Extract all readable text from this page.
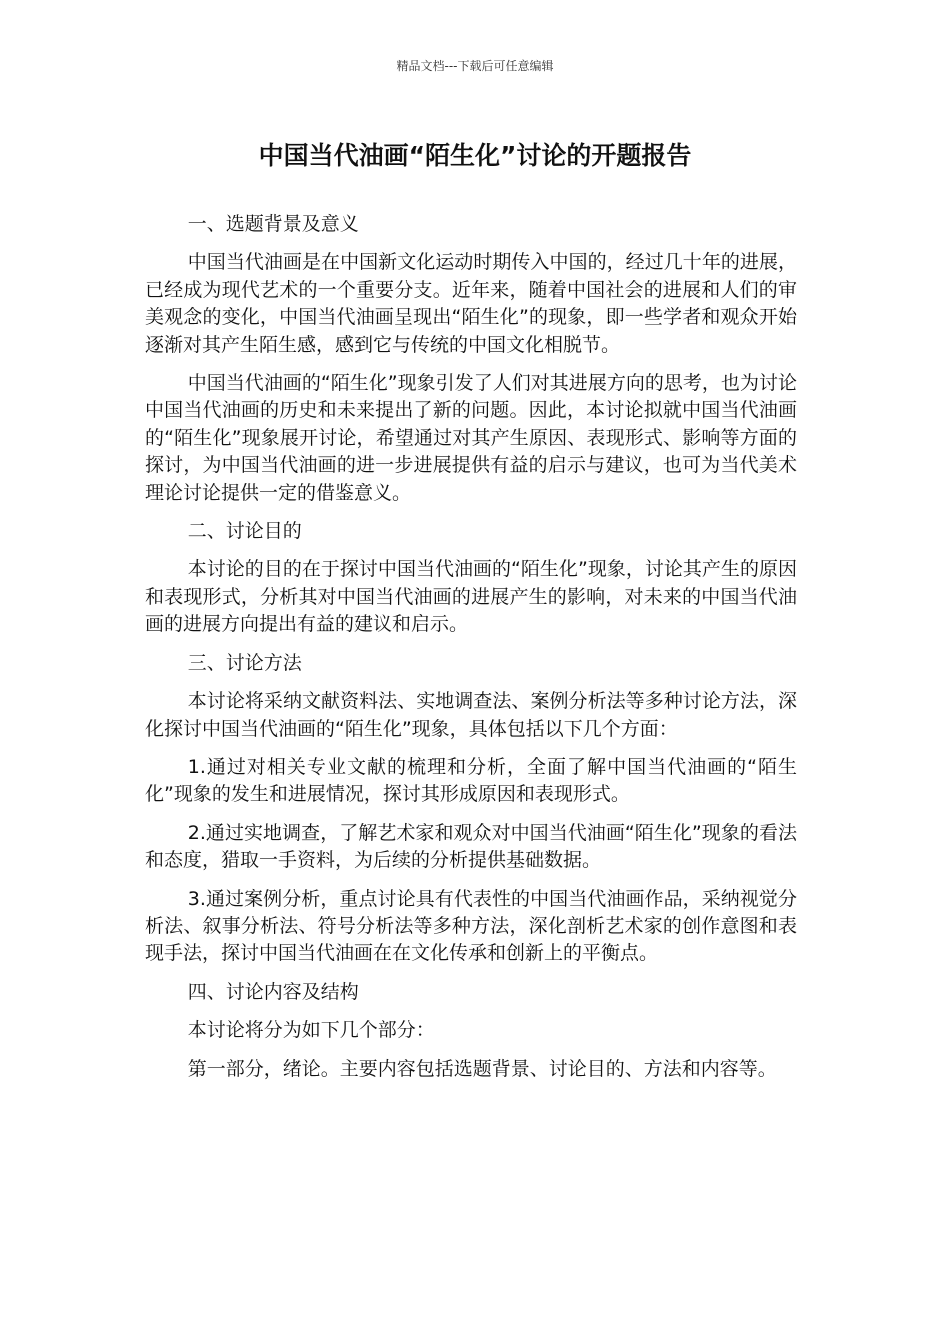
精品文档---下载后可任意编辑
中国当代油画“陌生化”讨论的开题报告

一、选题背景及意义

中国当代油画是在中国新文化运动时期传入中国的，经过几十年的进展，已经成为现代艺术的一个重要分支。近年来，随着中国社会的进展和人们的审美观念的变化，中国当代油画呈现出“陌生化”的现象，即一些学者和观众开始逐渐对其产生陌生感，感到它与传统的中国文化相脱节。

中国当代油画的“陌生化”现象引发了人们对其进展方向的思考，也为讨论中国当代油画的历史和未来提出了新的问题。因此，本讨论拟就中国当代油画的“陌生化”现象展开讨论，希望通过对其产生原因、表现形式、影响等方面的探讨，为中国当代油画的进一步进展提供有益的启示与建议，也可为当代美术理论讨论提供一定的借鉴意义。

二、讨论目的

本讨论的目的在于探讨中国当代油画的“陌生化”现象，讨论其产生的原因和表现形式，分析其对中国当代油画的进展产生的影响，对未来的中国当代油画的进展方向提出有益的建议和启示。

三、讨论方法

本讨论将采纳文献资料法、实地调查法、案例分析法等多种讨论方法，深化探讨中国当代油画的“陌生化”现象，具体包括以下几个方面：

1.通过对相关专业文献的梳理和分析，全面了解中国当代油画的“陌生化”现象的发生和进展情况，探讨其形成原因和表现形式。

2.通过实地调查，了解艺术家和观众对中国当代油画“陌生化”现象的看法和态度，猎取一手资料，为后续的分析提供基础数据。

3.通过案例分析，重点讨论具有代表性的中国当代油画作品，采纳视觉分析法、叙事分析法、符号分析法等多种方法，深化剖析艺术家的创作意图和表现手法，探讨中国当代油画在在文化传承和创新上的平衡点。

四、讨论内容及结构

本讨论将分为如下几个部分：

第一部分，绪论。主要内容包括选题背景、讨论目的、方法和内容等。
